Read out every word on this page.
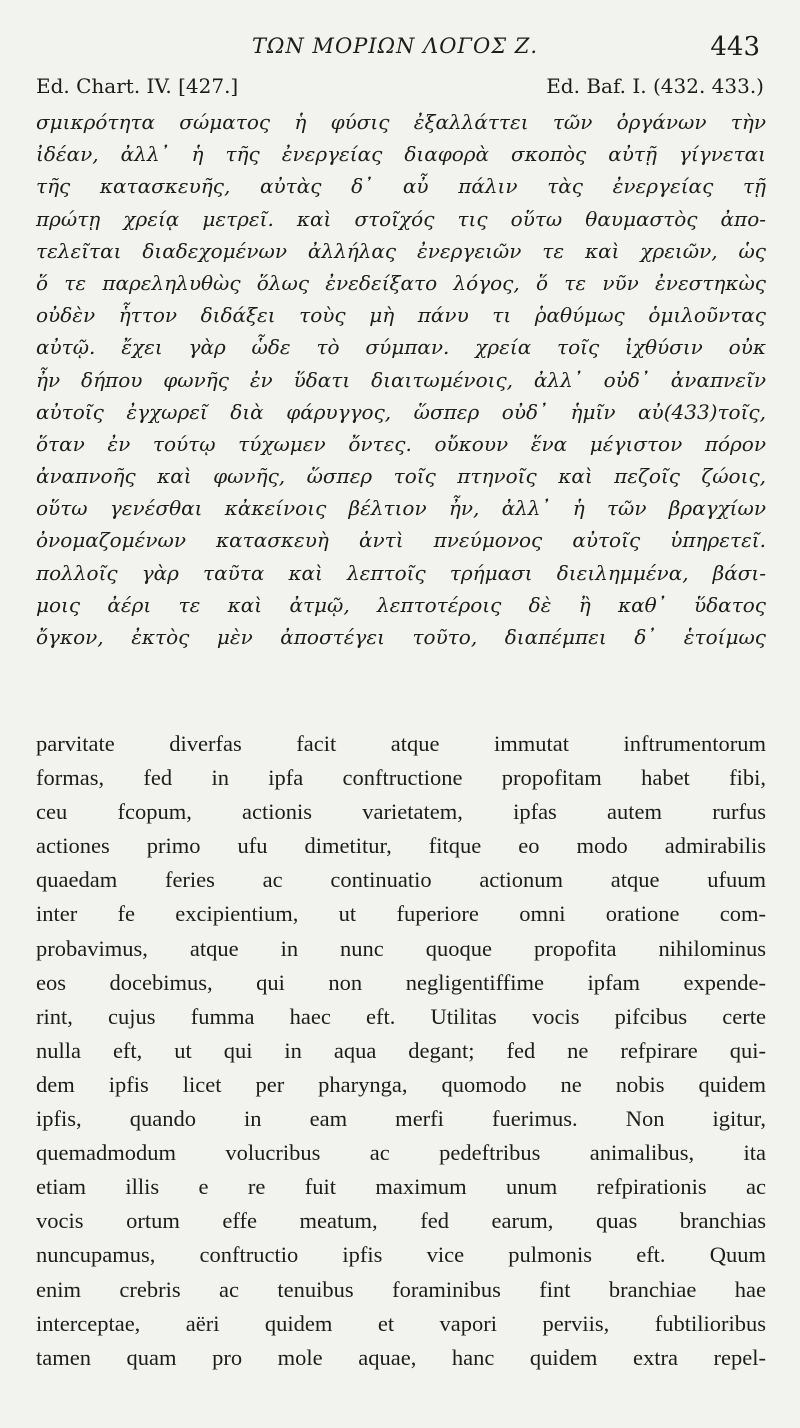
ΤΩΝ ΜΟΡΙΩΝ ΛΟΓΟΣ Ζ.	443
Ed. Chart. IV. [427.]	Ed. Baf. I. (432. 433.)
σμικρότητα σώματος ἡ φύσις ἐξαλλάττει τῶν ὀργάνων τὴν
ἰδέαν, ἀλλ᾽ ἡ τῆς ἐνεργείας διαφορὰ σκοπὸς αὐτῇ γίγνεται
τῆς κατασκευῆς, αὐτὰς δ᾽ αὖ πάλιν τὰς ἐνεργείας τῇ
πρώτῃ χρείᾳ μετρεῖ. καὶ στοῖχός τις οὕτω θαυμαστὸς ἀπο-
τελεῖται διαδεχομένων ἀλλήλας ἐνεργειῶν τε καὶ χρειῶν, ὡς
ὅ τε παρεληλυθὼς ὅλως ἐνεδείξατο λόγος, ὅ τε νῦν ἐνεστηκὼς
οὐδὲν ἧττον διδάξει τοὺς μὴ πάνυ τι ῥαθύμως ὁμιλοῦντας
αὐτῷ. ἔχει γὰρ ὧδε τὸ σύμπαν. χρεία τοῖς ἰχθύσιν οὐκ
ἦν δήπου φωνῆς ἐν ὕδατι διαιτωμένοις, ἀλλ᾽ οὐδ᾽ ἀναπνεῖν
αὐτοῖς ἐγχωρεῖ διὰ φάρυγγος, ὥσπερ οὐδ᾽ ἡμῖν αὐ(433)τοῖς,
ὅταν ἐν τούτῳ τύχωμεν ὄντες. οὔκουν ἕνα μέγιστον πόρον
ἀναπνοῆς καὶ φωνῆς, ὥσπερ τοῖς πτηνοῖς καὶ πεζοῖς ζώοις,
οὕτω γενέσθαι κἀκείνοις βέλτιον ἦν, ἀλλ᾽ ἡ τῶν βραγχίων
ὀνομαζομένων κατασκευὴ ἀντὶ πνεύμονος αὐτοῖς ὑπηρετεῖ.
πολλοῖς γὰρ ταῦτα καὶ λεπτοῖς τρήμασι διειλημμένα, βάσι-
μοις ἀέρι τε καὶ ἀτμῷ, λεπτοτέροις δὲ ἢ καθ᾽ ὕδατος
ὄγκον, ἐκτὸς μὲν ἀποστέγει τοῦτο, διαπέμπει δ᾽ ἑτοίμως
parvitate diverfas facit atque immutat inftrumentorum
formas, fed in ipfa conftructione propofitam habet fibi,
ceu fcopum, actionis varietatem, ipfas autem rurfus
actiones primo ufu dimetitur, fitque eo modo admirabilis
quaedam feries ac continuatio actionum atque ufuum
inter fe excipientium, ut fuperiore omni oratione com-
probavimus, atque in nunc quoque propofita nihilominus
eos docebimus, qui non negligentiffime ipfam expende-
rint, cujus fumma haec eft. Utilitas vocis pifcibus certe
nulla eft, ut qui in aqua degant; fed ne refpirare qui-
dem ipfis licet per pharynga, quomodo ne nobis quidem
ipfis, quando in eam merfi fuerimus. Non igitur,
quemadmodum volucribus ac pedeftribus animalibus, ita
etiam illis e re fuit maximum unum refpirationis ac
vocis ortum effe meatum, fed earum, quas branchias
nuncupamus, conftructio ipfis vice pulmonis eft. Quum
enim crebris ac tenuibus foraminibus fint branchiae hae
interceptae, aëri quidem et vapori perviis, fubtilioribus
tamen quam pro mole aquae, hanc quidem extra repel-
